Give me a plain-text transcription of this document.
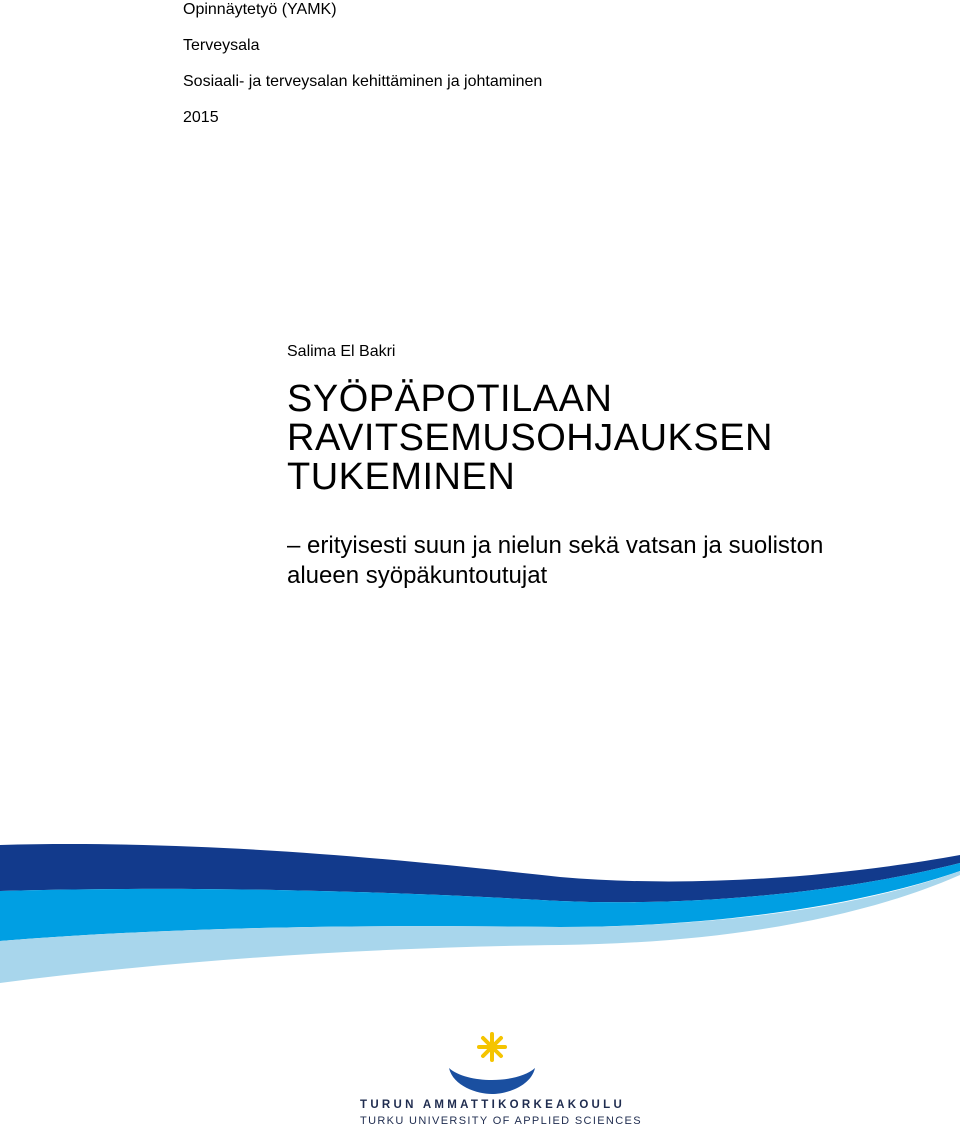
Opinnäytetyö (YAMK)
Terveysala
Sosiaali- ja terveysalan kehittäminen ja johtaminen
2015
Salima El Bakri
SYÖPÄPOTILAAN
RAVITSEMUSOHJAUKSEN
TUKEMINEN
– erityisesti suun ja nielun sekä vatsan ja suoliston
alueen syöpäkuntoutujat
TURUN AMMATTIKORKEAKOULU
TURKU UNIVERSITY OF APPLIED SCIENCES
